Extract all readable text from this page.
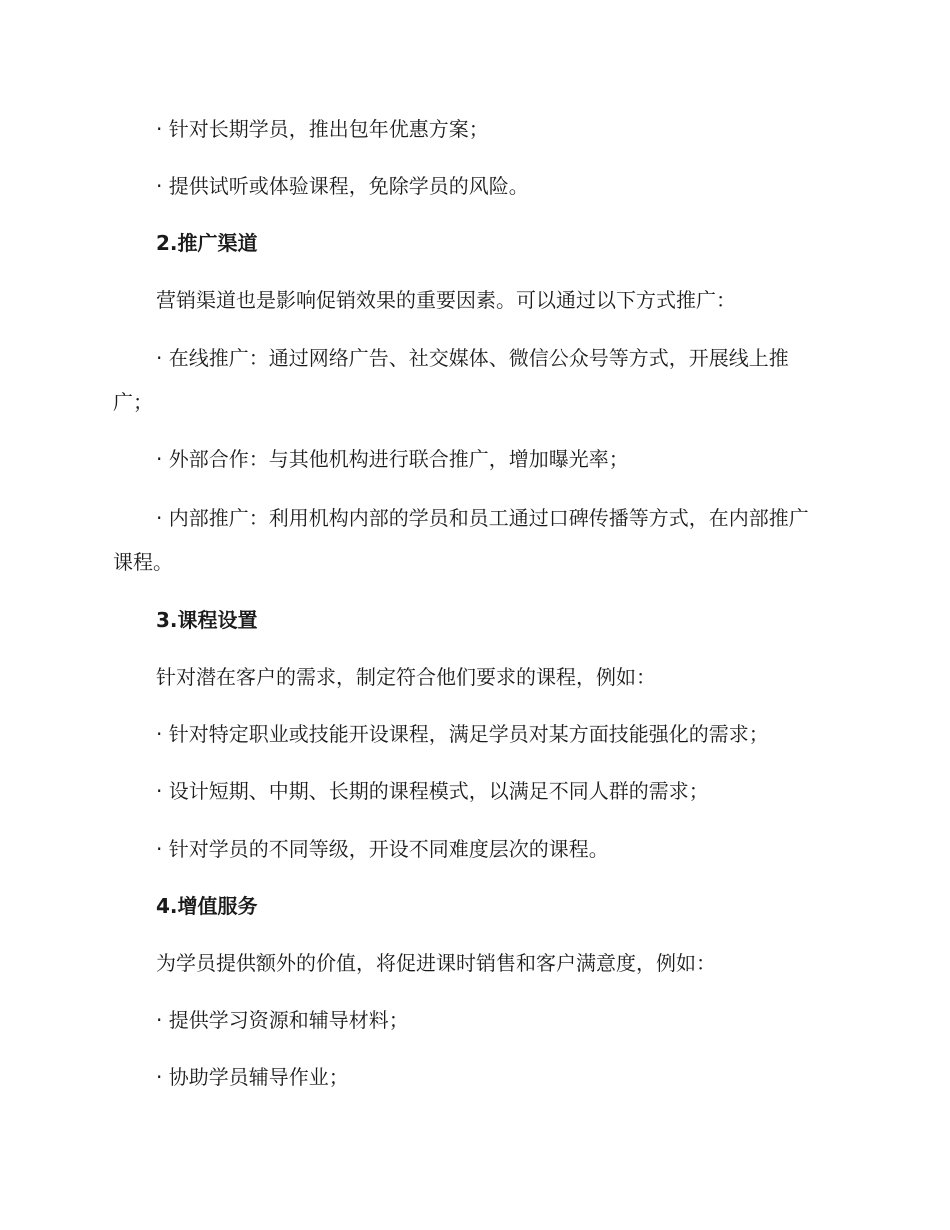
· 针对长期学员，推出包年优惠方案；

· 提供试听或体验课程，免除学员的风险。

2.推广渠道

营销渠道也是影响促销效果的重要因素。可以通过以下方式推广：

· 在线推广：通过网络广告、社交媒体、微信公众号等方式，开展线上推广；

· 外部合作：与其他机构进行联合推广，增加曝光率；

· 内部推广：利用机构内部的学员和员工通过口碑传播等方式，在内部推广课程。

3.课程设置

针对潜在客户的需求，制定符合他们要求的课程，例如：

· 针对特定职业或技能开设课程，满足学员对某方面技能强化的需求；

· 设计短期、中期、长期的课程模式，以满足不同人群的需求；

· 针对学员的不同等级，开设不同难度层次的课程。

4.增值服务

为学员提供额外的价值，将促进课时销售和客户满意度，例如：

· 提供学习资源和辅导材料；

· 协助学员辅导作业；
